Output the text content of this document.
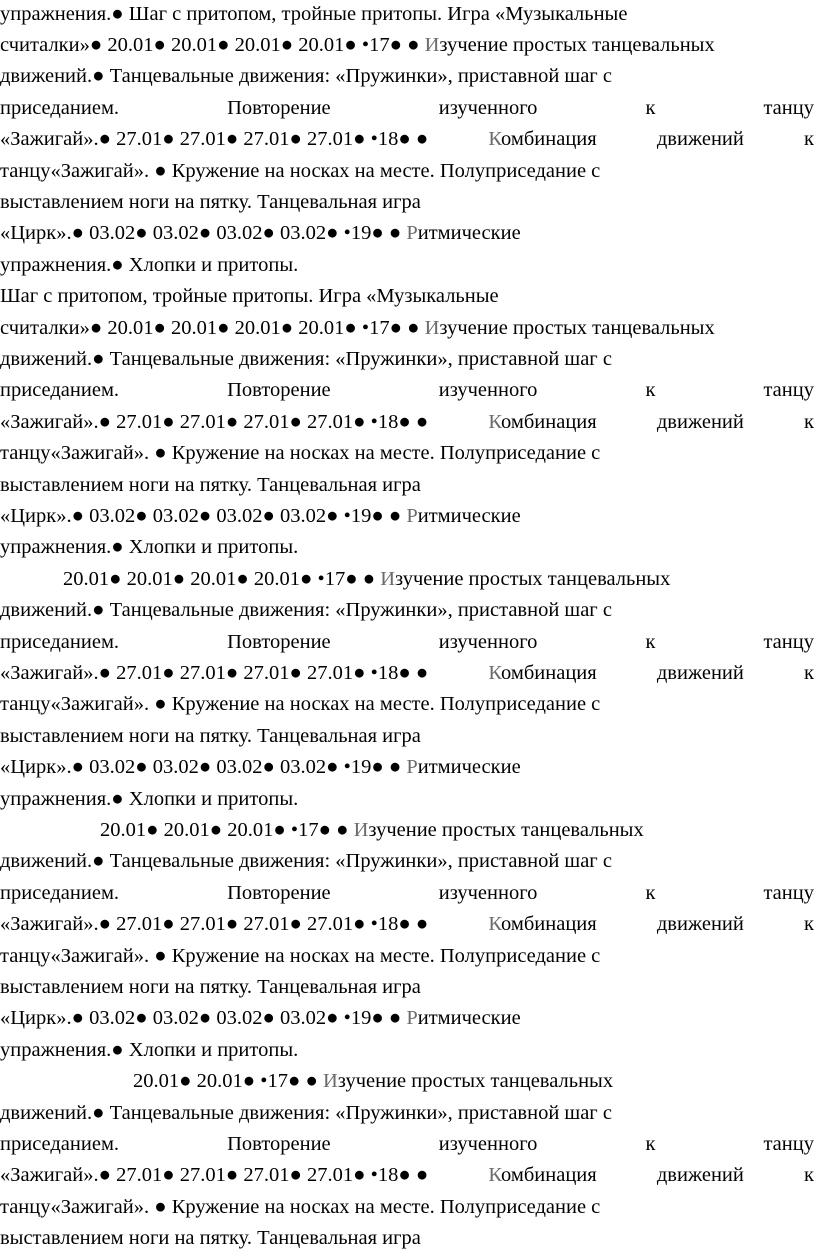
упражнения.● Шаг с притопом, тройные притопы. Игра «Музыкальные
считалки»● 20.01● 20.01● 20.01● 20.01● •17● ● Изучение простых танцевальных
движений.● Танцевальные движения: «Пружинки», приставной шаг с
приседанием.	Повторение	изученного	к	танцу
«Зажигай».● 27.01● 27.01● 27.01● 27.01● •18● ●	Комбинация	движений	к
танцу«Зажигай». ● Кружение на носках на месте. Полуприседание с
выставлением ноги на пятку. Танцевальная игра
«Цирк».● 03.02● 03.02● 03.02● 03.02● •19● ● Ритмические
упражнения.● Хлопки и притопы.
Шаг с притопом, тройные притопы. Игра «Музыкальные
считалки»● 20.01● 20.01● 20.01● 20.01● •17● ● Изучение простых танцевальных
движений.● Танцевальные движения: «Пружинки», приставной шаг с
приседанием.	Повторение	изученного	к	танцу
«Зажигай».● 27.01● 27.01● 27.01● 27.01● •18● ●	Комбинация	движений	к
танцу«Зажигай». ● Кружение на носках на месте. Полуприседание с
выставлением ноги на пятку. Танцевальная игра
«Цирк».● 03.02● 03.02● 03.02● 03.02● •19● ● Ритмические
упражнения.● Хлопки и притопы.
20.01● 20.01● 20.01● 20.01● •17● ● Изучение простых танцевальных
движений.● Танцевальные движения: «Пружинки», приставной шаг с
приседанием.	Повторение	изученного	к	танцу
«Зажигай».● 27.01● 27.01● 27.01● 27.01● •18● ●	Комбинация	движений	к
танцу«Зажигай». ● Кружение на носках на месте. Полуприседание с
выставлением ноги на пятку. Танцевальная игра
«Цирк».● 03.02● 03.02● 03.02● 03.02● •19● ● Ритмические
упражнения.● Хлопки и притопы.
20.01● 20.01● 20.01● •17● ● Изучение простых танцевальных
движений.● Танцевальные движения: «Пружинки», приставной шаг с
приседанием.	Повторение	изученного	к	танцу
«Зажигай».● 27.01● 27.01● 27.01● 27.01● •18● ●	Комбинация	движений	к
танцу«Зажигай». ● Кружение на носках на месте. Полуприседание с
выставлением ноги на пятку. Танцевальная игра
«Цирк».● 03.02● 03.02● 03.02● 03.02● •19● ● Ритмические
упражнения.● Хлопки и притопы.
20.01● 20.01● •17● ● Изучение простых танцевальных
движений.● Танцевальные движения: «Пружинки», приставной шаг с
приседанием.	Повторение	изученного	к	танцу
«Зажигай».● 27.01● 27.01● 27.01● 27.01● •18● ●	Комбинация	движений	к
танцу«Зажигай». ● Кружение на носках на месте. Полуприседание с
выставлением ноги на пятку. Танцевальная игра
